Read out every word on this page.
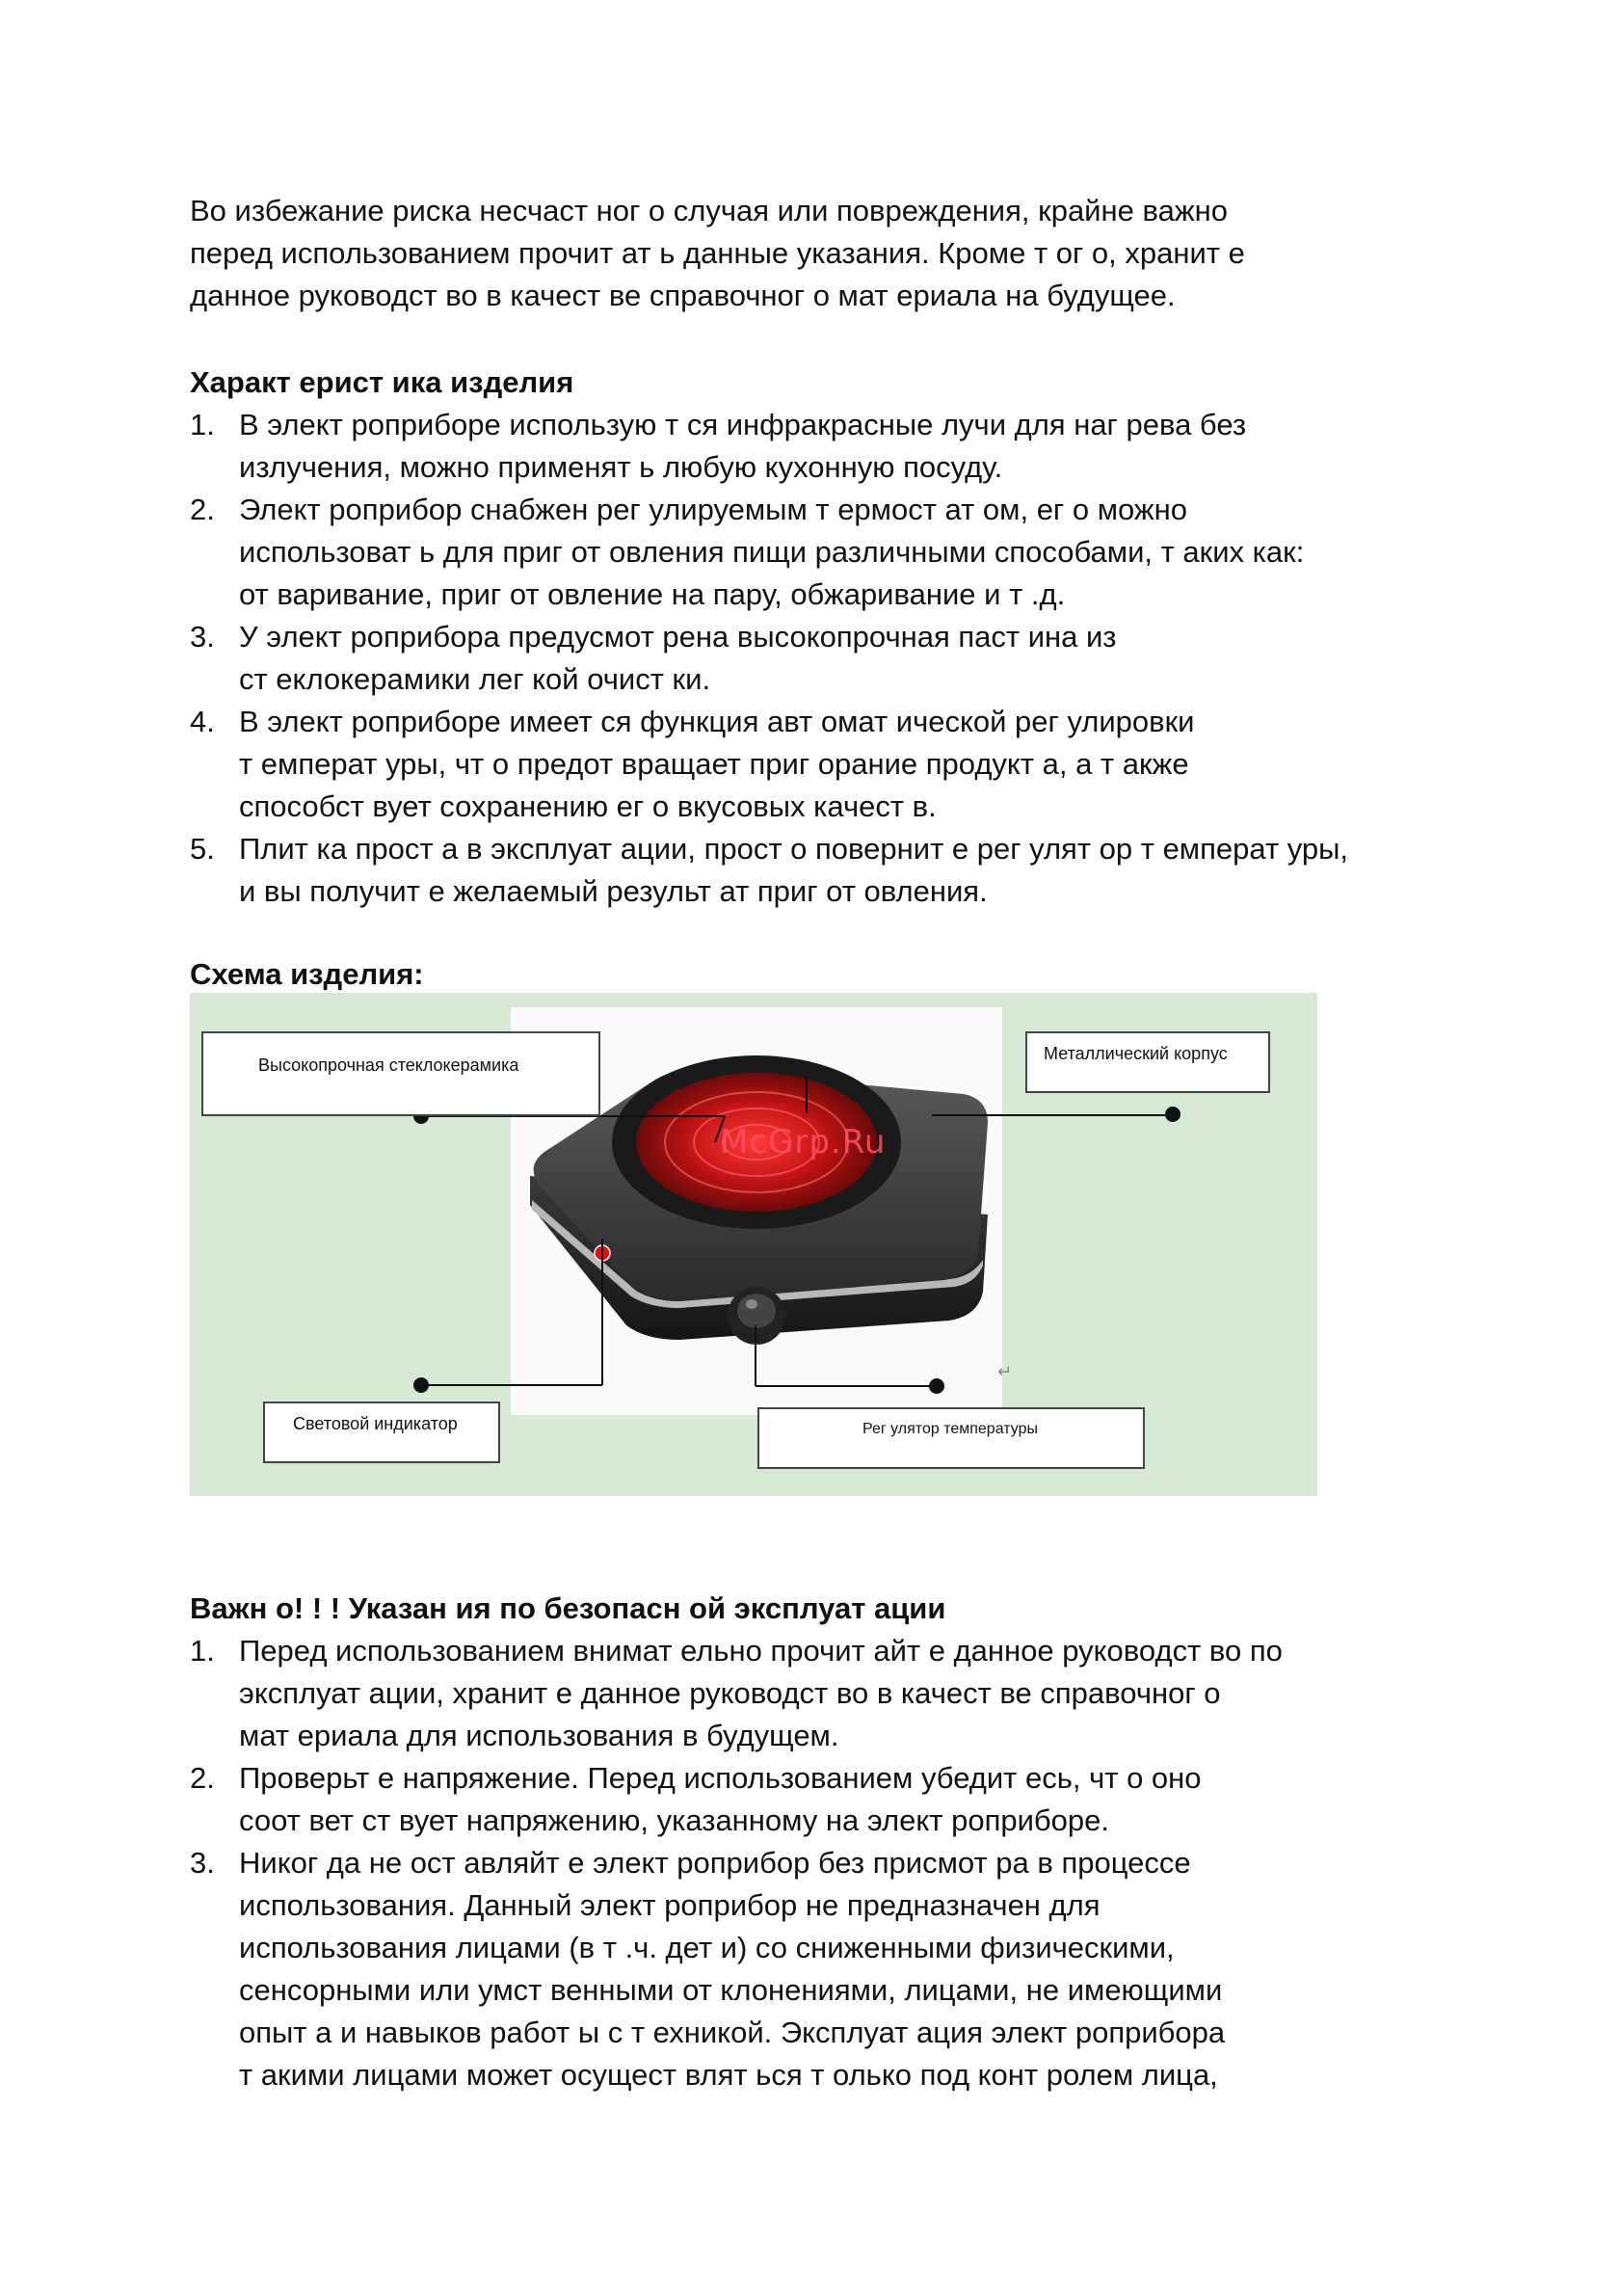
Во избежание риска несчаст ног о случая или повреждения, крайне важно
перед использованием прочит ат ь данные указания. Кроме т ог о, хранит е
данное руководст во в качест ве справочног о мат ериала на будущее.
Характ ерист ика изделия
1. В элект роприборе использую т ся инфракрасные лучи для наг рева без
излучения, можно применят ь любую кухонную посуду.
2. Элект роприбор снабжен рег улируемым т ермост ат ом, ег о можно
использоват ь для приг от овления пищи различными способами, т аких как:
от варивание, приг от овление на пару, обжаривание и т .д.
3. У элект роприбора предусмот рена высокопрочная паст ина из
ст еклокерамики лег кой очист ки.
4. В элект роприборе имеет ся функция авт омат ической рег улировки
т емперат уры, чт о предот вращает приг орание продукт а, а т акже
способст вует сохранению ег о вкусовых качест в.
5. Плит ка прост а в эксплуат ации, прост о повернит е рег улят ор т емперат уры,
и вы получит е желаемый результ ат приг от овления.
Схема изделия:
McGrp.Ru
Высокопрочная стеклокерамика
Металлический корпус
Световой индикатор	Рег улятор температуры
↵
Важн о! ! ! Указан ия по безопасн ой эксплуат ации
1. Перед использованием внимат ельно прочит айт е данное руководст во по
эксплуат ации, хранит е данное руководст во в качест ве справочног о
мат ериала для использования в будущем.
2. Проверьт е напряжение. Перед использованием убедит есь, чт о оно
соот вет ст вует напряжению, указанному на элект роприборе.
3. Никог да не ост авляйт е элект роприбор без присмот ра в процессе
использования. Данный элект роприбор не предназначен для
использования лицами (в т .ч. дет и) со сниженными физическими,
сенсорными или умст венными от клонениями, лицами, не имеющими
опыт а и навыков работ ы с т ехникой. Эксплуат ация элект роприбора
т акими лицами может осущест влят ься т олько под конт ролем лица,
